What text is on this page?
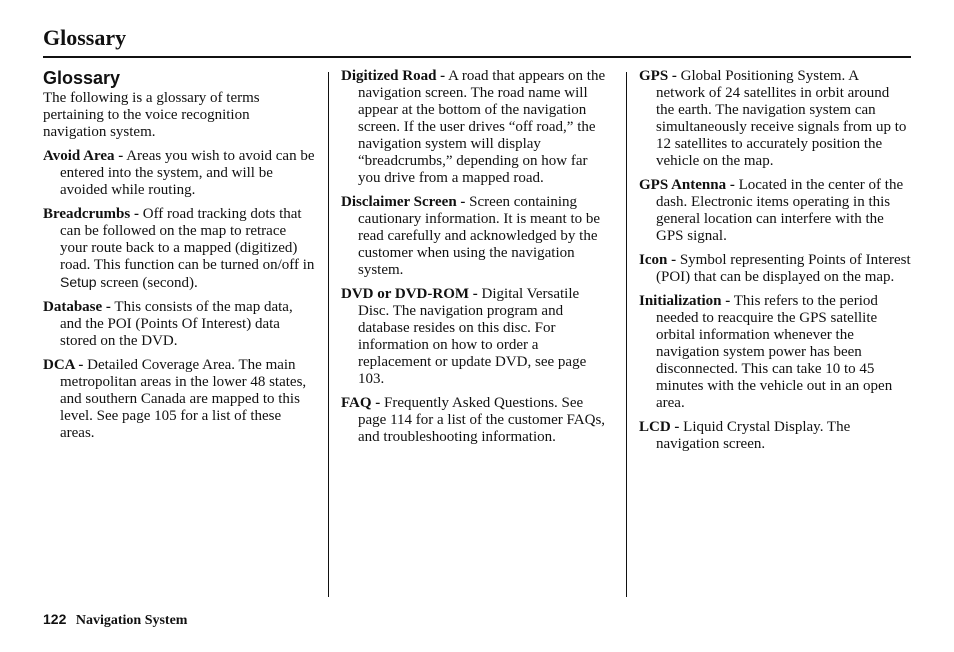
Glossary
Glossary

The following is a glossary of terms pertaining to the voice recognition navigation system.

Avoid Area - Areas you wish to avoid can be entered into the system, and will be avoided while routing.

Breadcrumbs - Off road tracking dots that can be followed on the map to retrace your route back to a mapped (digitized) road. This function can be turned on/off in Setup screen (second).

Database - This consists of the map data, and the POI (Points Of Interest) data stored on the DVD.

DCA - Detailed Coverage Area. The main metropolitan areas in the lower 48 states, and southern Canada are mapped to this level. See page 105 for a list of these areas.

Digitized Road - A road that appears on the navigation screen. The road name will appear at the bottom of the navigation screen. If the user drives “off road,” the navigation system will display “breadcrumbs,” depending on how far you drive from a mapped road.

Disclaimer Screen - Screen containing cautionary information. It is meant to be read carefully and acknowledged by the customer when using the navigation system.

DVD or DVD-ROM - Digital Versatile Disc. The navigation program and database resides on this disc. For information on how to order a replacement or update DVD, see page 103.

FAQ - Frequently Asked Questions. See page 114 for a list of the customer FAQs, and troubleshooting information.

GPS - Global Positioning System. A network of 24 satellites in orbit around the earth. The navigation system can simultaneously receive signals from up to 12 satellites to accurately position the vehicle on the map.

GPS Antenna - Located in the center of the dash. Electronic items operating in this general location can interfere with the GPS signal.

Icon - Symbol representing Points of Interest (POI) that can be displayed on the map.

Initialization - This refers to the period needed to reacquire the GPS satellite orbital information whenever the navigation system power has been disconnected. This can take 10 to 45 minutes with the vehicle out in an open area.

LCD - Liquid Crystal Display. The navigation screen.

122 Navigation System
